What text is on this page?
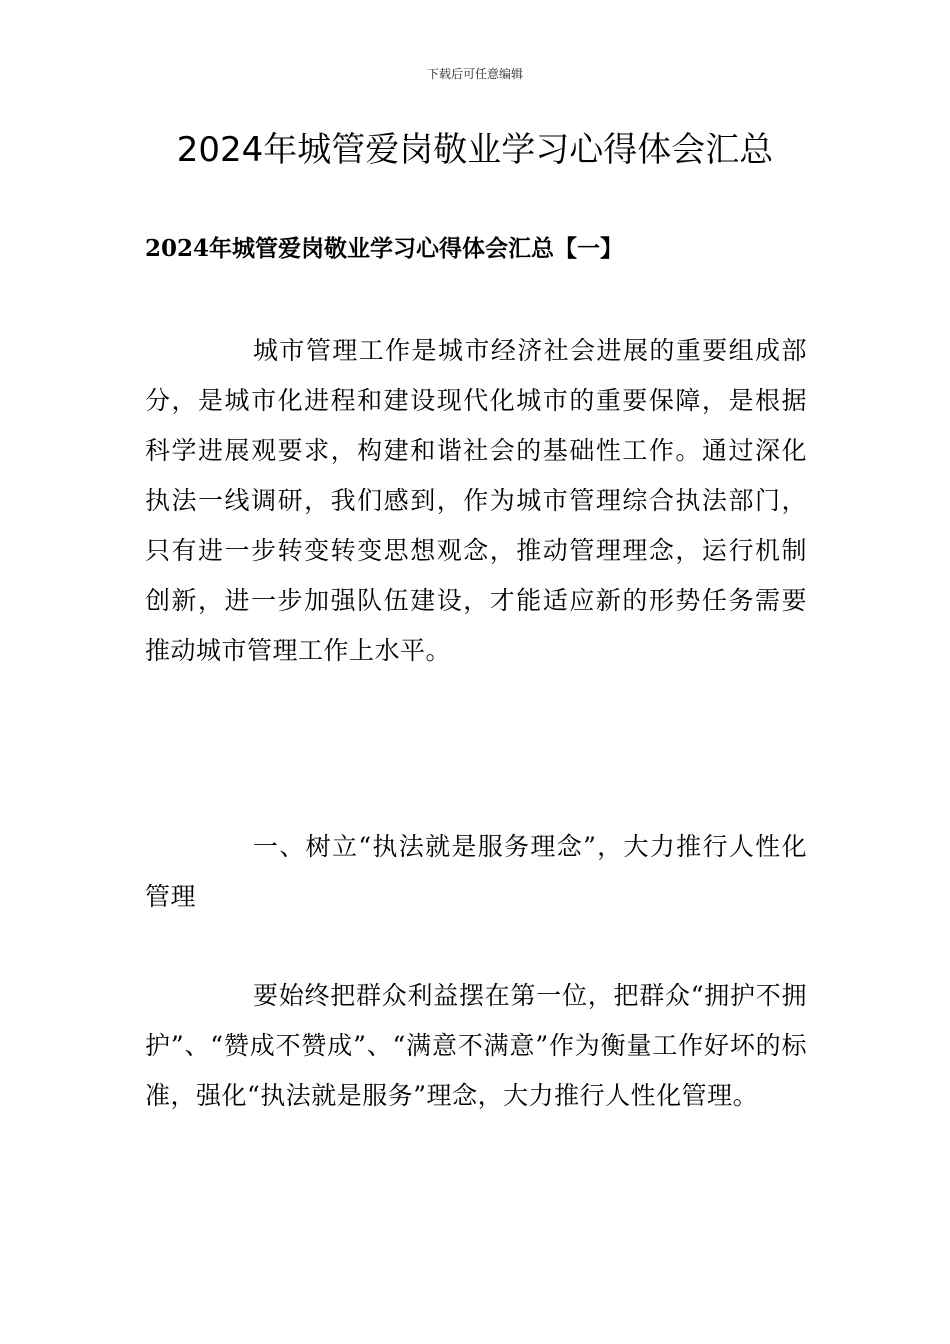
下载后可任意编辑
2024年城管爱岗敬业学习心得体会汇总
2024年城管爱岗敬业学习心得体会汇总【一】

城市管理工作是城市经济社会进展的重要组成部分，是城市化进程和建设现代化城市的重要保障，是根据科学进展观要求，构建和谐社会的基础性工作。通过深化执法一线调研，我们感到，作为城市管理综合执法部门，只有进一步转变转变思想观念，推动管理理念，运行机制创新，进一步加强队伍建设，才能适应新的形势任务需要推动城市管理工作上水平。

一、树立“执法就是服务理念”，大力推行人性化管理

要始终把群众利益摆在第一位，把群众“拥护不拥护”、“赞成不赞成”、“满意不满意”作为衡量工作好坏的标准，强化“执法就是服务”理念，大力推行人性化管理。
